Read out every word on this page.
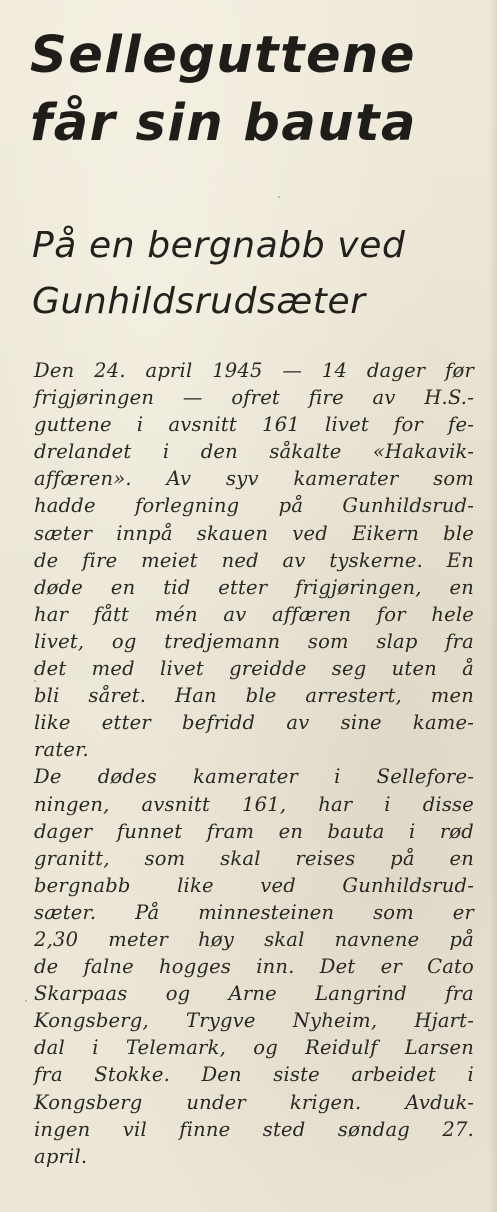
Selleguttene
får sin bauta
På en bergnabb ved
Gunhildsrudsæter
Den 24. april 1945 — 14 dager før
frigjøringen — ofret fire av H.S.-
guttene i avsnitt 161 livet for fe-
drelandet i den såkalte «Hakavik-
affæren». Av syv kamerater som
hadde forlegning på Gunhildsrud-
sæter innpå skauen ved Eikern ble
de fire meiet ned av tyskerne. En
døde en tid etter frigjøringen, en
har fått mén av affæren for hele
livet, og tredjemann som slap fra
det med livet greidde seg uten å
bli såret. Han ble arrestert, men
like etter befridd av sine kame-
rater.
De dødes kamerater i Sellefore-
ningen, avsnitt 161, har i disse
dager funnet fram en bauta i rød
granitt, som skal reises på en
bergnabb like ved Gunhildsrud-
sæter. På minnesteinen som er
2,30 meter høy skal navnene på
de falne hogges inn. Det er Cato
Skarpaas og Arne Langrind fra
Kongsberg, Trygve Nyheim, Hjart-
dal i Telemark, og Reidulf Larsen
fra Stokke. Den siste arbeidet i
Kongsberg under krigen. Avduk-
ingen vil finne sted søndag 27.
april.
